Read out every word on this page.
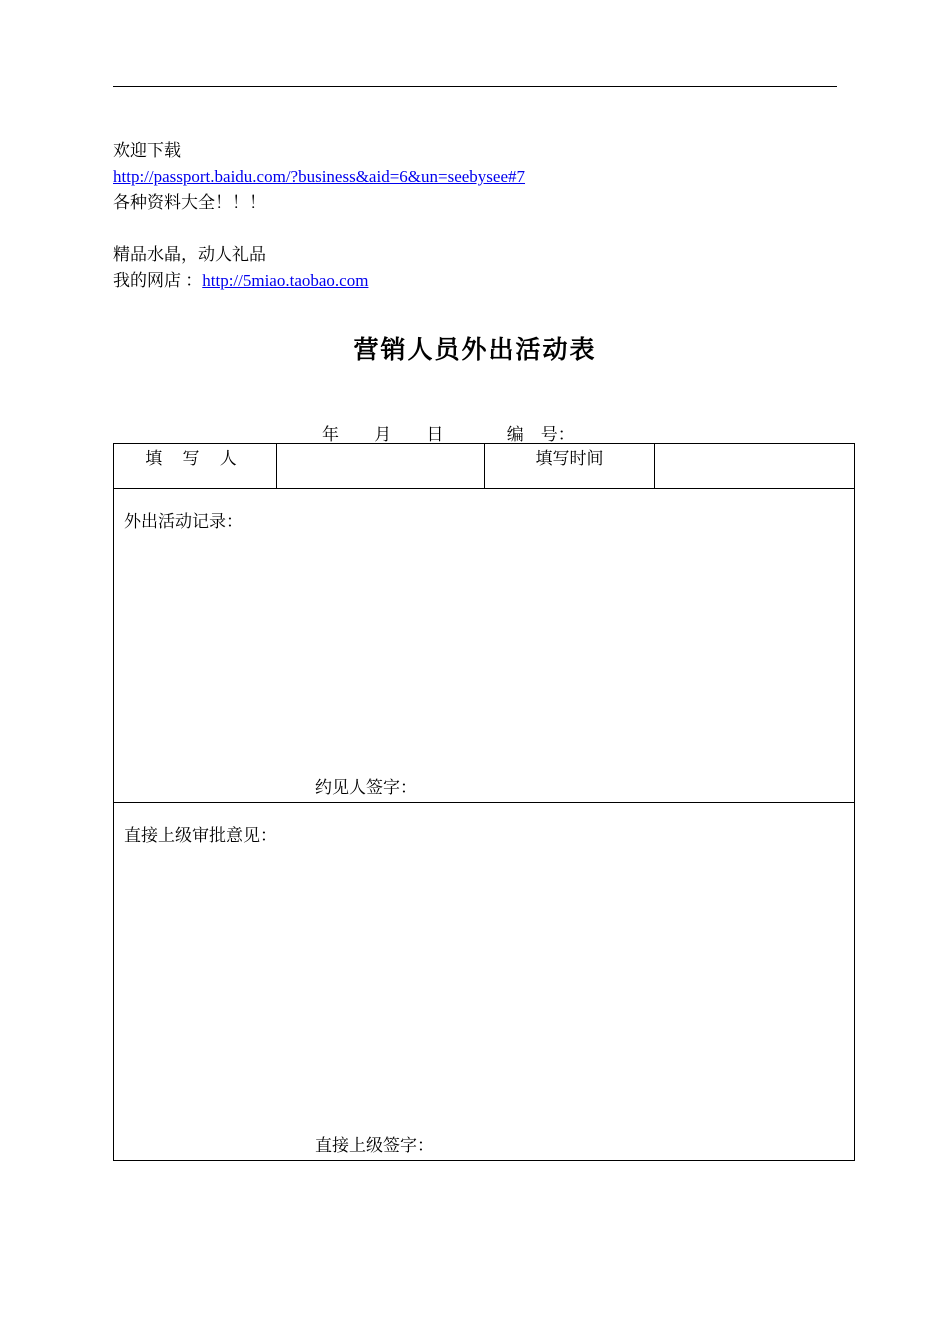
欢迎下载
http://passport.baidu.com/?business&aid=6&un=seebysee#7
各种资料大全！！！
精品水晶，动人礼品
我的网店 ：http://5miao.taobao.com
营销人员外出活动表
年 月 日	编　号：
填 写 人		填写时间	

外出活动记录：
约见人签字：

直接上级审批意见：
直接上级签字：
